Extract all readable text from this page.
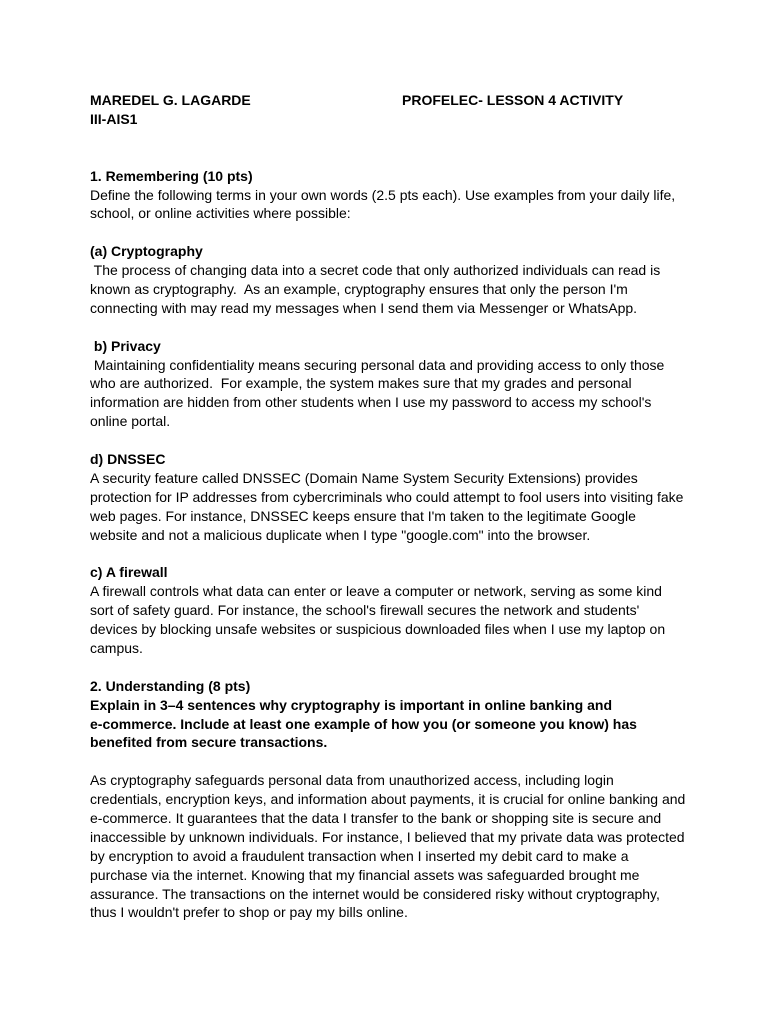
MAREDEL G. LAGARDE	PROFELEC- LESSON 4 ACTIVITY
III-AIS1
1. Remembering (10 pts)
Define the following terms in your own words (2.5 pts each). Use examples from your daily life,
school, or online activities where possible:
(a) Cryptography
The process of changing data into a secret code that only authorized individuals can read is
known as cryptography.  As an example, cryptography ensures that only the person I'm
connecting with may read my messages when I send them via Messenger or WhatsApp.
b) Privacy
Maintaining confidentiality means securing personal data and providing access to only those
who are authorized.  For example, the system makes sure that my grades and personal
information are hidden from other students when I use my password to access my school's
online portal.
d) DNSSEC
A security feature called DNSSEC (Domain Name System Security Extensions) provides
protection for IP addresses from cybercriminals who could attempt to fool users into visiting fake
web pages. For instance, DNSSEC keeps ensure that I'm taken to the legitimate Google
website and not a malicious duplicate when I type "google.com" into the browser.
c) A firewall
A firewall controls what data can enter or leave a computer or network, serving as some kind
sort of safety guard. For instance, the school's firewall secures the network and students'
devices by blocking unsafe websites or suspicious downloaded files when I use my laptop on
campus.
2. Understanding (8 pts)
Explain in 3–4 sentences why cryptography is important in online banking and
e-commerce. Include at least one example of how you (or someone you know) has
benefited from secure transactions.
As cryptography safeguards personal data from unauthorized access, including login
credentials, encryption keys, and information about payments, it is crucial for online banking and
e-commerce. It guarantees that the data I transfer to the bank or shopping site is secure and
inaccessible by unknown individuals. For instance, I believed that my private data was protected
by encryption to avoid a fraudulent transaction when I inserted my debit card to make a
purchase via the internet. Knowing that my financial assets was safeguarded brought me
assurance. The transactions on the internet would be considered risky without cryptography,
thus I wouldn't prefer to shop or pay my bills online.
